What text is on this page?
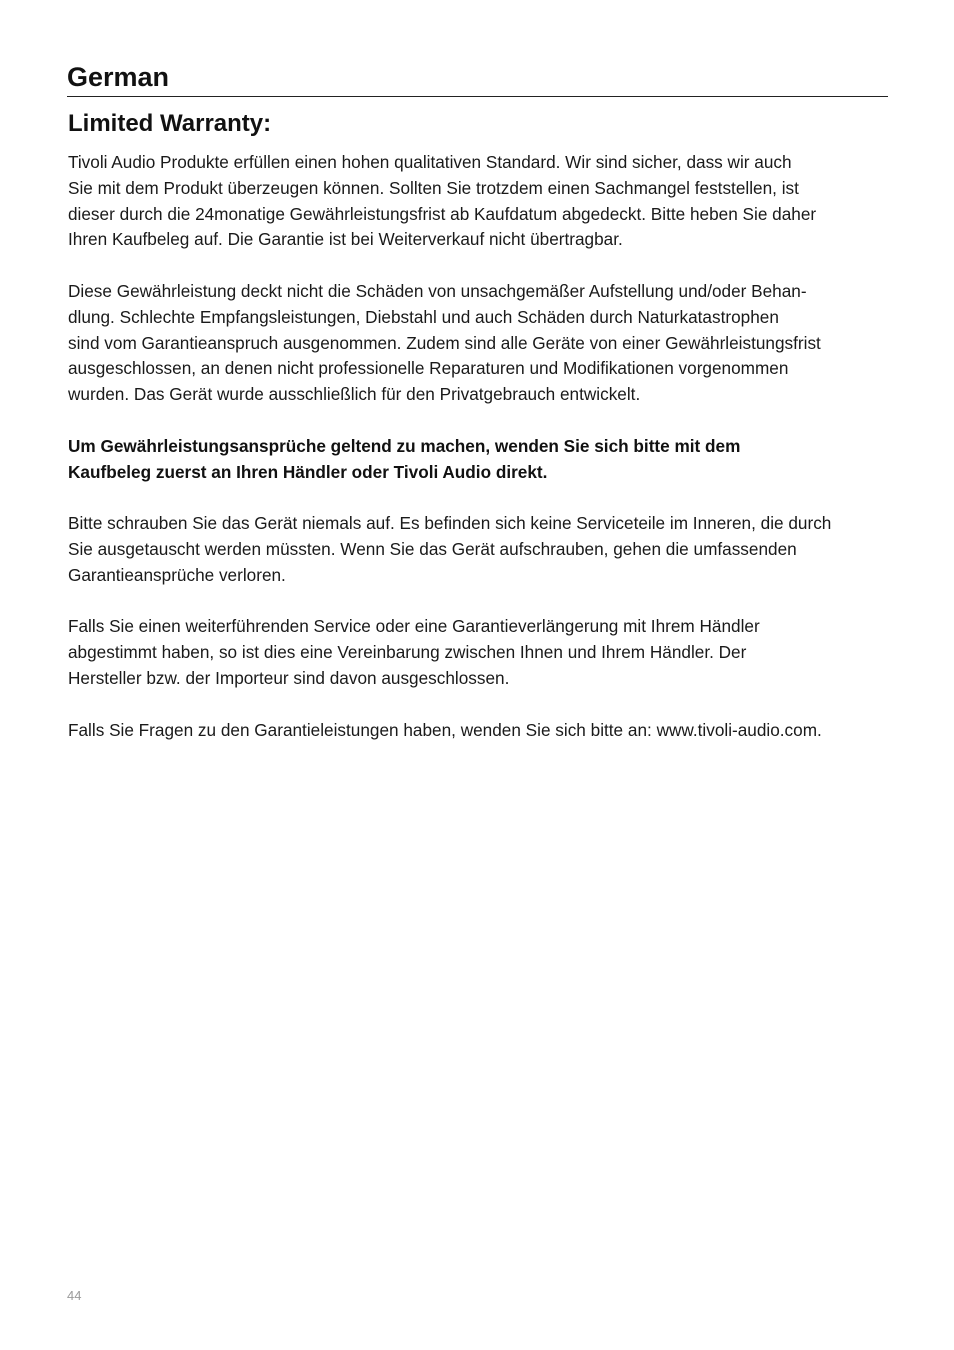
German
Limited Warranty:

Tivoli Audio Produkte erfüllen einen hohen qualitativen Standard. Wir sind sicher, dass wir auch
Sie mit dem Produkt überzeugen können. Sollten Sie trotzdem einen Sachmangel feststellen, ist
dieser durch die 24monatige Gewährleistungsfrist ab Kaufdatum abgedeckt. Bitte heben Sie daher
Ihren Kaufbeleg auf. Die Garantie ist bei Weiterverkauf nicht übertragbar.

Diese Gewährleistung deckt nicht die Schäden von unsachgemäßer Aufstellung und/oder Behan-
dlung. Schlechte Empfangsleistungen, Diebstahl und auch Schäden durch Naturkatastrophen
sind vom Garantieanspruch ausgenommen. Zudem sind alle Geräte von einer Gewährleistungsfrist
ausgeschlossen, an denen nicht professionelle Reparaturen und Modifikationen vorgenommen
wurden. Das Gerät wurde ausschließlich für den Privatgebrauch entwickelt.

Um Gewährleistungsansprüche geltend zu machen, wenden Sie sich bitte mit dem
Kaufbeleg zuerst an Ihren Händler oder Tivoli Audio direkt.

Bitte schrauben Sie das Gerät niemals auf. Es befinden sich keine Serviceteile im Inneren, die durch
Sie ausgetauscht werden müssten. Wenn Sie das Gerät aufschrauben, gehen die umfassenden
Garantieansprüche verloren.

Falls Sie einen weiterführenden Service oder eine Garantieverlängerung mit Ihrem Händler
abgestimmt haben, so ist dies eine Vereinbarung zwischen Ihnen und Ihrem Händler. Der
Hersteller bzw. der Importeur sind davon ausgeschlossen.

Falls Sie Fragen zu den Garantieleistungen haben, wenden Sie sich bitte an: www.tivoli-audio.com.

44
